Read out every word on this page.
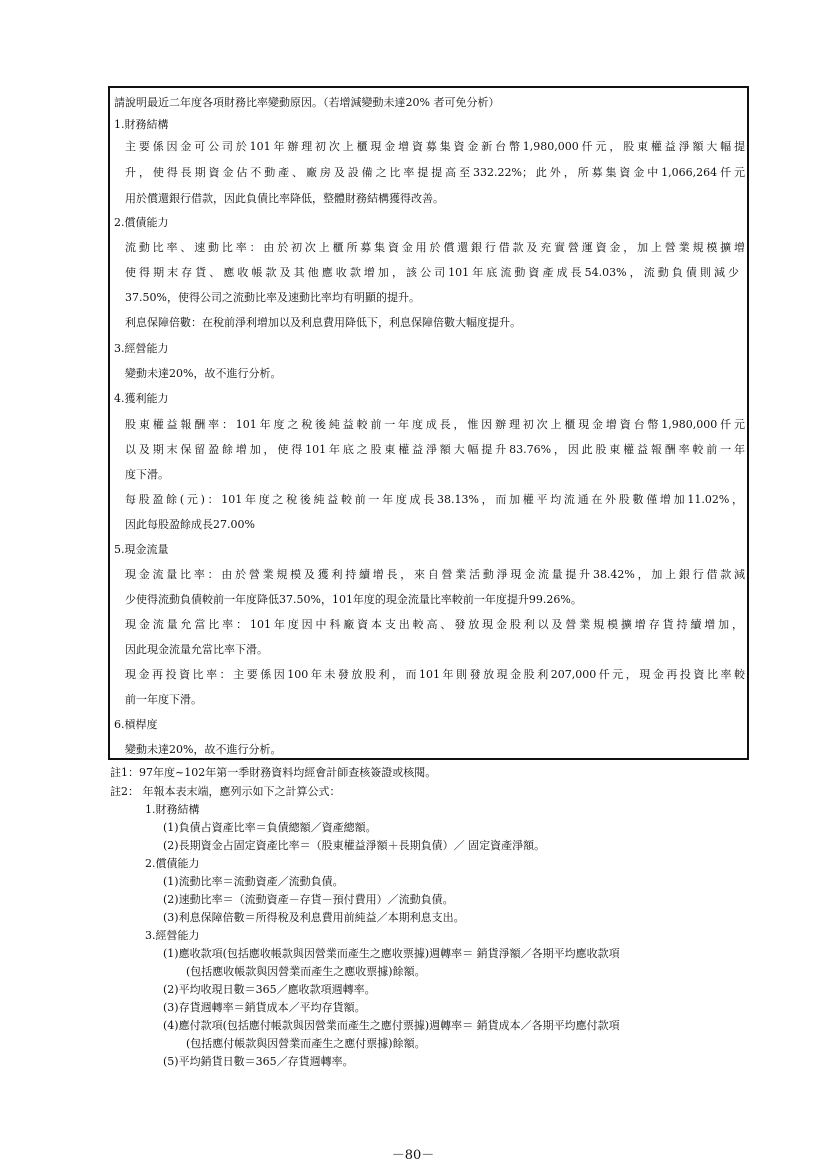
請說明最近二年度各項財務比率變動原因。（若增減變動未達20% 者可免分析）
1.財務結構
主要係因金可公司於101年辦理初次上櫃現金增資募集資金新台幣1,980,000仟元，股東權益淨額大幅提
升，使得長期資金佔不動產、廠房及設備之比率提提高至332.22%；此外，所募集資金中1,066,264仟元
用於償還銀行借款，因此負債比率降低，整體財務結構獲得改善。
2.償債能力
流動比率、速動比率：由於初次上櫃所募集資金用於償還銀行借款及充實營運資金，加上營業規模擴增
使得期末存貨、應收帳款及其他應收款增加，該公司101年底流動資產成長54.03%，流動負債則減少
37.50%，使得公司之流動比率及速動比率均有明顯的提升。
利息保障倍數：在稅前淨利增加以及利息費用降低下，利息保障倍數大幅度提升。
3.經營能力
變動未達20%，故不進行分析。
4.獲利能力
股東權益報酬率：101年度之稅後純益較前一年度成長，惟因辦理初次上櫃現金增資台幣1,980,000仟元
以及期末保留盈餘增加，使得101年底之股東權益淨額大幅提升83.76%，因此股東權益報酬率較前一年
度下滑。
每股盈餘(元)：101年度之稅後純益較前一年度成長38.13%，而加權平均流通在外股數僅增加11.02%，
因此每股盈餘成長27.00%
5.現金流量
現金流量比率：由於營業規模及獲利持續增長，來自營業活動淨現金流量提升38.42%，加上銀行借款減
少使得流動負債較前一年度降低37.50%，101年度的現金流量比率較前一年度提升99.26%。
現金流量允當比率：101年度因中科廠資本支出較高、發放現金股利以及營業規模擴增存貨持續增加，
因此現金流量允當比率下滑。
現金再投資比率：主要係因100年未發放股利，而101年則發放現金股利207,000仟元，現金再投資比率較
前一年度下滑。
6.槓桿度
變動未達20%，故不進行分析。
註1：97年度~102年第一季財務資料均經會計師查核簽證或核閱。
註2： 年報本表末端，應列示如下之計算公式：
1.財務結構
(1)負債占資產比率＝負債總額／資產總額。
(2)長期資金占固定資產比率＝（股東權益淨額＋長期負債）／ 固定資產淨額。
2.償債能力
(1)流動比率＝流動資產／流動負債。
(2)速動比率＝（流動資產－存貨－預付費用）／流動負債。
(3)利息保障倍數＝所得稅及利息費用前純益／本期利息支出。
3.經營能力
(1)應收款項(包括應收帳款與因營業而產生之應收票據)週轉率＝ 銷貨淨額／各期平均應收款項
(包括應收帳款與因營業而產生之應收票據)餘額。
(2)平均收現日數＝365／應收款項週轉率。
(3)存貨週轉率＝銷貨成本／平均存貨額。
(4)應付款項(包括應付帳款與因營業而產生之應付票據)週轉率＝ 銷貨成本／各期平均應付款項
(包括應付帳款與因營業而產生之應付票據)餘額。
(5)平均銷貨日數＝365／存貨週轉率。
－80－
